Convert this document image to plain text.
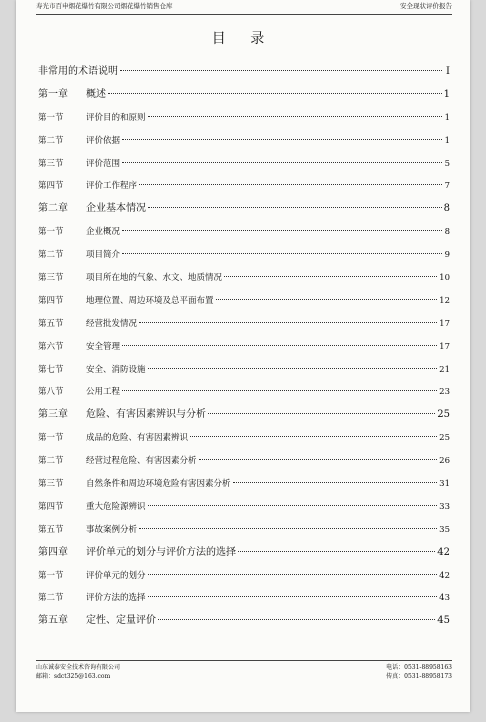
寿光市百申烟花爆竹有限公司烟花爆竹销售仓库	安全现状评价报告
目 录
非常用的术语说明	I
第一章	概述	1
第一节	评价目的和原则	1
第二节	评价依据	1
第三节	评价范围	5
第四节	评价工作程序	7
第二章	企业基本情况	8
第一节	企业概况	8
第二节	项目简介	9
第三节	项目所在地的气象、水文、地质情况	10
第四节	地理位置、周边环境及总平面布置	12
第五节	经营批发情况	17
第六节	安全管理	17
第七节	安全、消防设施	21
第八节	公用工程	23
第三章	危险、有害因素辨识与分析	25
第一节	成品的危险、有害因素辨识	25
第二节	经营过程危险、有害因素分析	26
第三节	自然条件和周边环境危险有害因素分析	31
第四节	重大危险源辨识	33
第五节	事故案例分析	35
第四章	评价单元的划分与评价方法的选择	42
第一节	评价单元的划分	42
第二节	评价方法的选择	43
第五章	定性、定量评价	45
山东诚泰安全技术咨询有限公司
邮箱：sdct325@163.com
电话：0531-88958163
传真：0531-88958173
